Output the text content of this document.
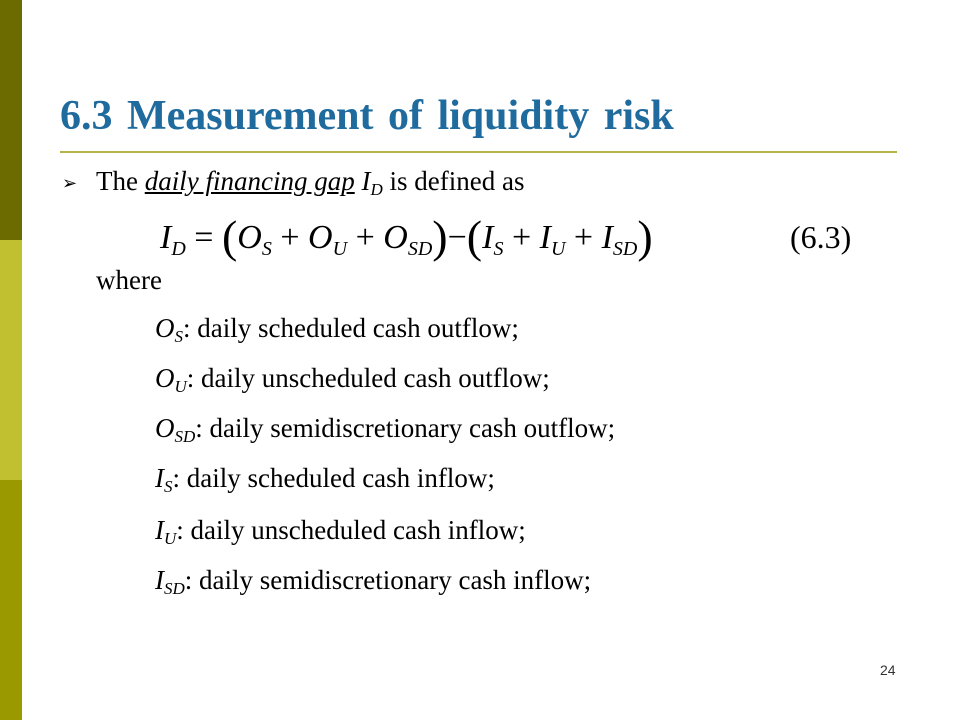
6.3 Measurement of liquidity risk
➢ The daily financing gap $I_D$ is defined as
$I_D = (O_S + O_U + O_{SD})-(I_S + I_U + I_{SD})$	(6.3)
where
$O_S$: daily scheduled cash outflow;
$O_U$: daily unscheduled cash outflow;
$O_{SD}$: daily semidiscretionary cash outflow;
$I_S$: daily scheduled cash inflow;
$I_U$: daily unscheduled cash inflow;
$I_{SD}$: daily semidiscretionary cash inflow;
24
